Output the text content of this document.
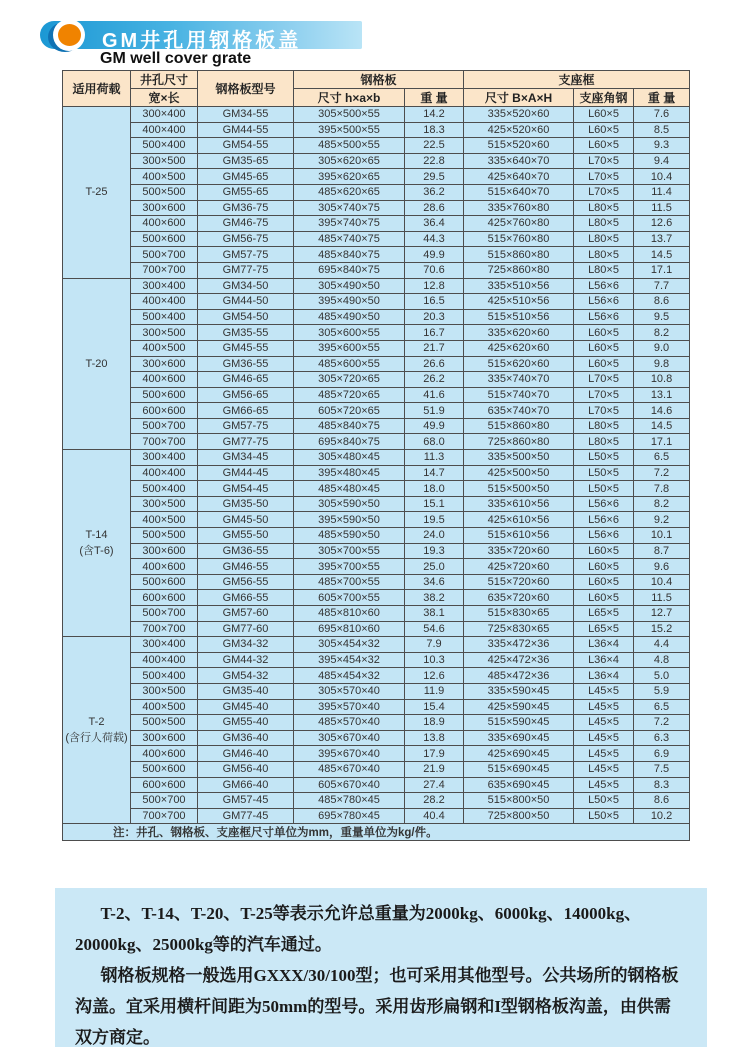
GM井孔用钢格板盖
GM well cover grate
适用荷载	井孔尺寸	钢格板型号	钢格板		支座框		
	宽×长		尺寸 h×a×b	重 量	尺寸 B×A×H	支座角钢	重 量

T-25	300×400	GM34-55	305×500×55	14.2	335×520×60	L60×5	7.6
	400×400	GM44-55	395×500×55	18.3	425×520×60	L60×5	8.5
	500×400	GM54-55	485×500×55	22.5	515×520×60	L60×5	9.3
	300×500	GM35-65	305×620×65	22.8	335×640×70	L70×5	9.4
	400×500	GM45-65	395×620×65	29.5	425×640×70	L70×5	10.4
	500×500	GM55-65	485×620×65	36.2	515×640×70	L70×5	11.4
	300×600	GM36-75	305×740×75	28.6	335×760×80	L80×5	11.5
	400×600	GM46-75	395×740×75	36.4	425×760×80	L80×5	12.6
	500×600	GM56-75	485×740×75	44.3	515×760×80	L80×5	13.7
	500×700	GM57-75	485×840×75	49.9	515×860×80	L80×5	14.5
	700×700	GM77-75	695×840×75	70.6	725×860×80	L80×5	17.1

T-20	300×400	GM34-50	305×490×50	12.8	335×510×56	L56×6	7.7
	400×400	GM44-50	395×490×50	16.5	425×510×56	L56×6	8.6
	500×400	GM54-50	485×490×50	20.3	515×510×56	L56×6	9.5
	300×500	GM35-55	305×600×55	16.7	335×620×60	L60×5	8.2
	400×500	GM45-55	395×600×55	21.7	425×620×60	L60×5	9.0
	300×600	GM36-55	485×600×55	26.6	515×620×60	L60×5	9.8
	400×600	GM46-65	305×720×65	26.2	335×740×70	L70×5	10.8
	500×600	GM56-65	485×720×65	41.6	515×740×70	L70×5	13.1
	600×600	GM66-65	605×720×65	51.9	635×740×70	L70×5	14.6
	500×700	GM57-75	485×840×75	49.9	515×860×80	L80×5	14.5
	700×700	GM77-75	695×840×75	68.0	725×860×80	L80×5	17.1

T-14
(含T-6)	300×400	GM34-45	305×480×45	11.3	335×500×50	L50×5	6.5
	400×400	GM44-45	395×480×45	14.7	425×500×50	L50×5	7.2
	500×400	GM54-45	485×480×45	18.0	515×500×50	L50×5	7.8
	300×500	GM35-50	305×590×50	15.1	335×610×56	L56×6	8.2
	400×500	GM45-50	395×590×50	19.5	425×610×56	L56×6	9.2
	500×500	GM55-50	485×590×50	24.0	515×610×56	L56×6	10.1
	300×600	GM36-55	305×700×55	19.3	335×720×60	L60×5	8.7
	400×600	GM46-55	395×700×55	25.0	425×720×60	L60×5	9.6
	500×600	GM56-55	485×700×55	34.6	515×720×60	L60×5	10.4
	600×600	GM66-55	605×700×55	38.2	635×720×60	L60×5	11.5
	500×700	GM57-60	485×810×60	38.1	515×830×65	L65×5	12.7
	700×700	GM77-60	695×810×60	54.6	725×830×65	L65×5	15.2

T-2
(含行人荷载)	300×400	GM34-32	305×454×32	7.9	335×472×36	L36×4	4.4
	400×400	GM44-32	395×454×32	10.3	425×472×36	L36×4	4.8
	500×400	GM54-32	485×454×32	12.6	485×472×36	L36×4	5.0
	300×500	GM35-40	305×570×40	11.9	335×590×45	L45×5	5.9
	400×500	GM45-40	395×570×40	15.4	425×590×45	L45×5	6.5
	500×500	GM55-40	485×570×40	18.9	515×590×45	L45×5	7.2
	300×600	GM36-40	305×670×40	13.8	335×690×45	L45×5	6.3
	400×600	GM46-40	395×670×40	17.9	425×690×45	L45×5	6.9
	500×600	GM56-40	485×670×40	21.9	515×690×45	L45×5	7.5
	600×600	GM66-40	605×670×40	27.4	635×690×45	L45×5	8.3
	500×700	GM57-45	485×780×45	28.2	515×800×50	L50×5	8.6
	700×700	GM77-45	695×780×45	40.4	725×800×50	L50×5	10.2
注：井孔、钢格板、支座框尺寸单位为mm，重量单位为kg/件。							

T-2、T-14、T-20、T-25等表示允许总重量为2000kg、6000kg、14000kg、20000kg、25000kg等的汽车通过。

钢格板规格一般选用GXXX/30/100型；也可采用其他型号。公共场所的钢格板沟盖。宜采用横杆间距为50mm的型号。采用齿形扁钢和I型钢格板沟盖，由供需双方商定。
